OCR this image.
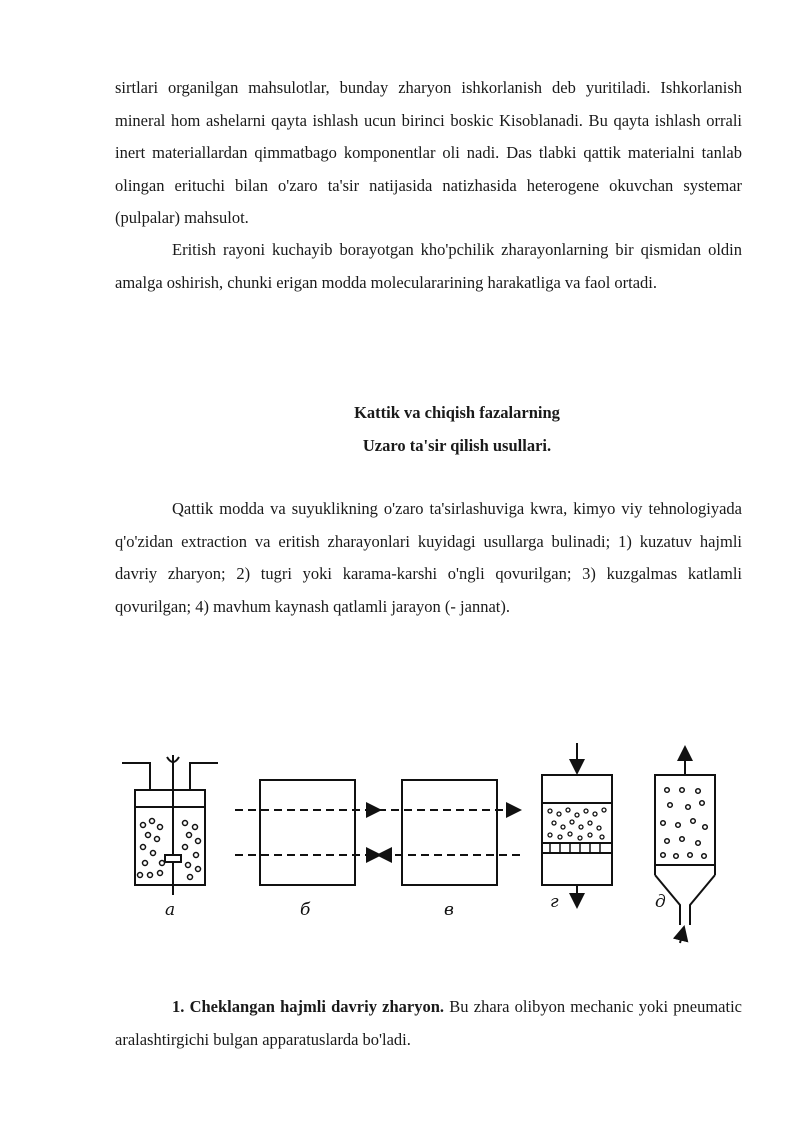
sirtlari organilgan mahsulotlar, bunday zharyon ishkorlanish deb yuritiladi. Ishkorlanish mineral hom ashelarni qayta ishlash ucun birinci boskic Kisoblanadi. Bu qayta ishlash orrali inert materiallardan qimmatbago komponentlar oli nadi. Das tlabki qattik materialni tanlab olingan erituсhi bilan o'zaro ta'sir natijasida natizhasida heterogene okuvchan systemar (pulpalar) mahsulot.

Eritish rayoni kuchayib borayotgan kho'pchilik zharayonlarning bir qismidan oldin amalga oshirish, chunki erigan modda moleculararining harakatliga va faol ortadi.

Kattik va chiqish fazalarning
Uzaro ta'sir qilish usullari.

Qattik modda va suyuklikning o'zaro ta'sirlashuviga kwra, kimyo viy tehnologiyada q'o'zidan extraction va eritish zharayonlari kuyidagi usullarga bulinadi; 1) kuzatuv hajmli davriy zharyon; 2) tugri yoki karama-karshi o'ngli qovurilgan; 3) kuzgalmas katlamli qovurilgan; 4) mavhum kaynash qatlamli jarayon (- jannat).

а	б	в	г	д

1. Cheklangan hajmli davriy zharyon. Bu zhara olibyon mechanic yoki pneumatic aralashtirgichi bulgan apparatuslarda bo'ladi.
